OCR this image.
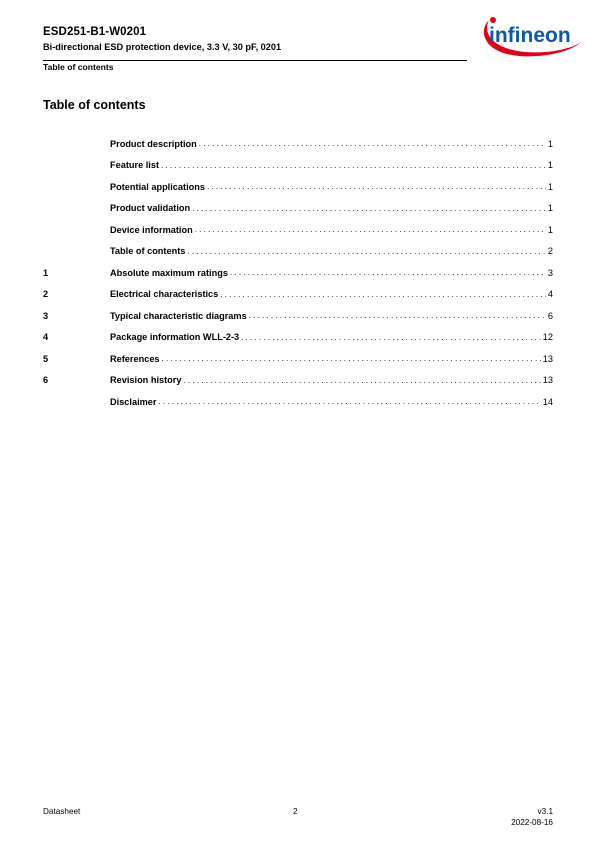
ESD251-B1-W0201
Bi-directional ESD protection device, 3.3 V, 30 pF, 0201
Table of contents
infineon
Table of contents
Product description . . .	1
Feature list . . .	1
Potential applications . . .	1
Product validation . . .	1
Device information . . .	1
Table of contents . . .	2
1	Absolute maximum ratings . . .	3
2	Electrical characteristics . . .	4
3	Typical characteristic diagrams . . .	6
4	Package information WLL-2-3 . . .	12
5	References . . .	13
6	Revision history . . .	13
Disclaimer . . .	14
Datasheet	2	v3.1
2022-08-16
